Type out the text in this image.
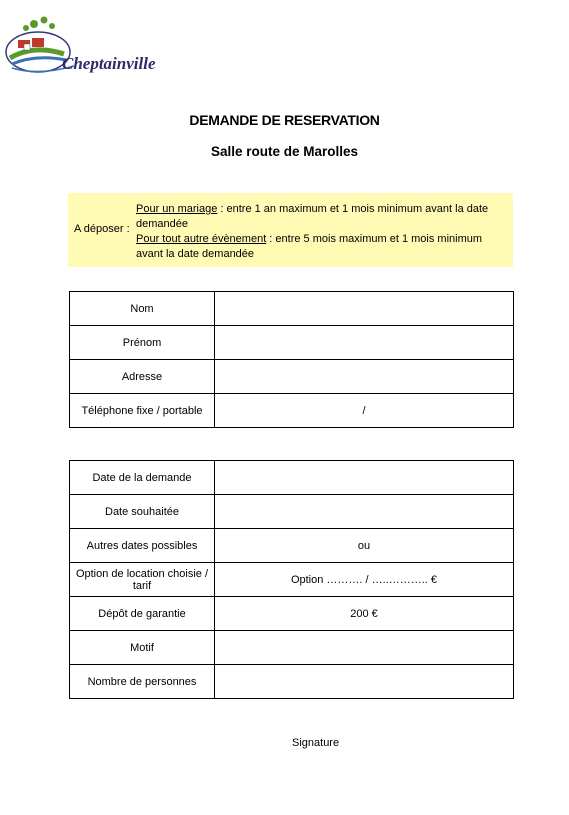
Cheptainville
DEMANDE DE RESERVATION
Salle route de Marolles
A déposer :
Pour un mariage : entre 1 an maximum et 1 mois minimum avant la date demandée
Pour tout autre évènement : entre 5 mois maximum et 1 mois minimum avant la date demandée
Nom	
Prénom	
Adresse	
Téléphone fixe / portable	/
Date de la demande	
Date souhaitée	
Autres dates possibles	ou
Option de location choisie / tarif	Option ………. / …..……….. €
Dépôt de garantie	200 €
Motif	
Nombre de personnes	
Signature
